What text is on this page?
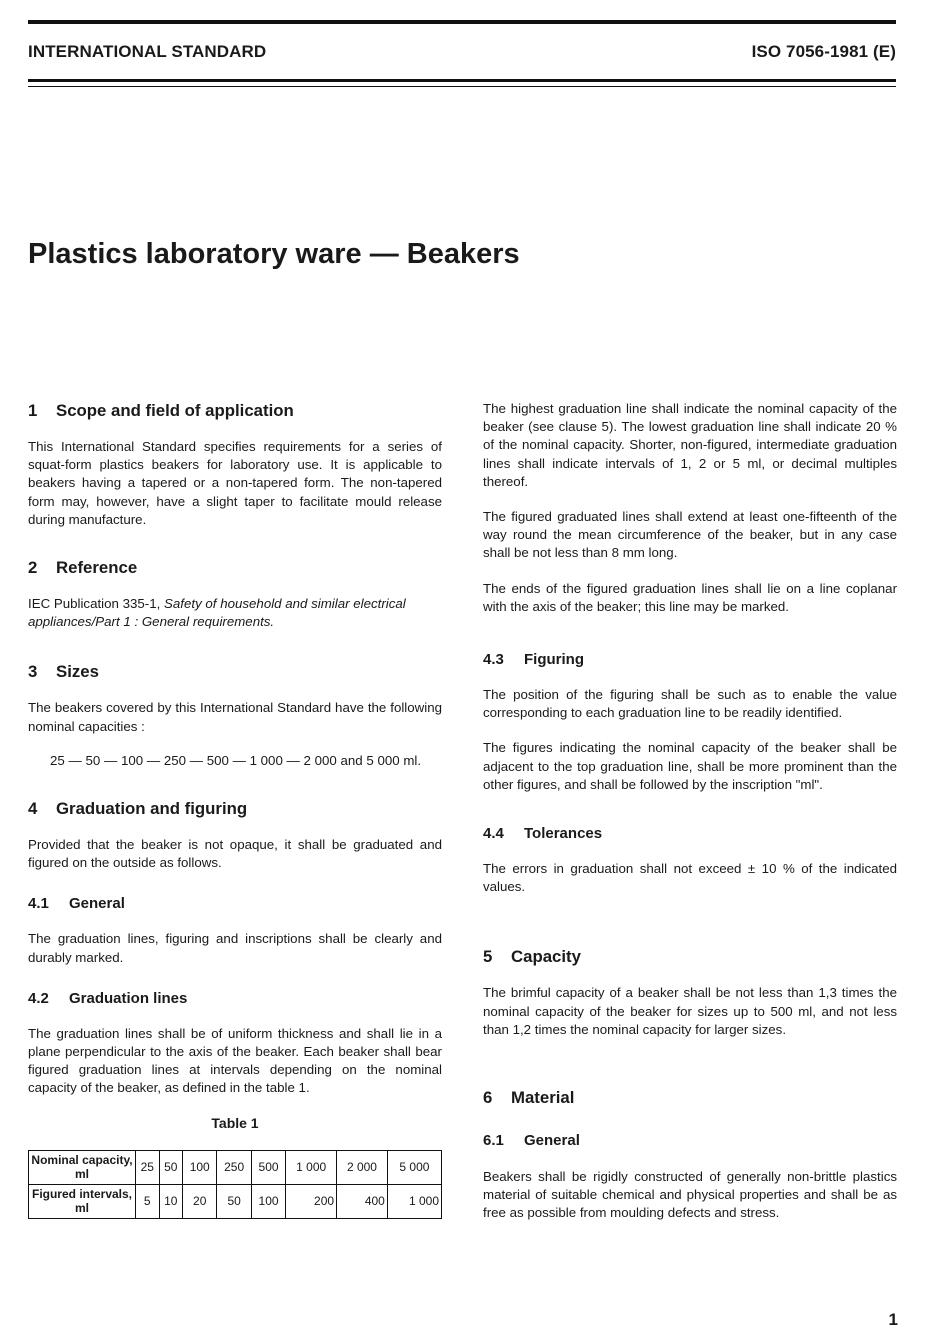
INTERNATIONAL STANDARD	ISO 7056-1981 (E)
Plastics laboratory ware — Beakers
1 Scope and field of application

This International Standard specifies requirements for a series of squat-form plastics beakers for laboratory use. It is applicable to beakers having a tapered or a non-tapered form. The non-tapered form may, however, have a slight taper to facilitate mould release during manufacture.

2 Reference

IEC Publication 335-1, Safety of household and similar electrical appliances/Part 1 : General requirements.

3 Sizes

The beakers covered by this International Standard have the following nominal capacities :

25 — 50 — 100 — 250 — 500 — 1 000 — 2 000 and 5 000 ml.

4 Graduation and figuring

Provided that the beaker is not opaque, it shall be graduated and figured on the outside as follows.

4.1 General

The graduation lines, figuring and inscriptions shall be clearly and durably marked.

4.2 Graduation lines

The graduation lines shall be of uniform thickness and shall lie in a plane perpendicular to the axis of the beaker. Each beaker shall bear figured graduation lines at intervals depending on the nominal capacity of the beaker, as defined in the table 1.

Table 1
Nominal capacity, ml	25	50	100	250	500	1 000	2 000	5 000
Figured intervals, ml	5	10	20	50	100	200	400	1 000

The highest graduation line shall indicate the nominal capacity of the beaker (see clause 5). The lowest graduation line shall indicate 20 % of the nominal capacity. Shorter, non-figured, intermediate graduation lines shall indicate intervals of 1, 2 or 5 ml, or decimal multiples thereof.

The figured graduated lines shall extend at least one-fifteenth of the way round the mean circumference of the beaker, but in any case shall be not less than 8 mm long.

The ends of the figured graduation lines shall lie on a line coplanar with the axis of the beaker; this line may be marked.

4.3 Figuring

The position of the figuring shall be such as to enable the value corresponding to each graduation line to be readily identified.

The figures indicating the nominal capacity of the beaker shall be adjacent to the top graduation line, shall be more prominent than the other figures, and shall be followed by the inscription "ml".

4.4 Tolerances

The errors in graduation shall not exceed ± 10 % of the indicated values.

5 Capacity

The brimful capacity of a beaker shall be not less than 1,3 times the nominal capacity of the beaker for sizes up to 500 ml, and not less than 1,2 times the nominal capacity for larger sizes.

6 Material
6.1 General

Beakers shall be rigidly constructed of generally non-brittle plastics material of suitable chemical and physical properties and shall be as free as possible from moulding defects and stress.

1
